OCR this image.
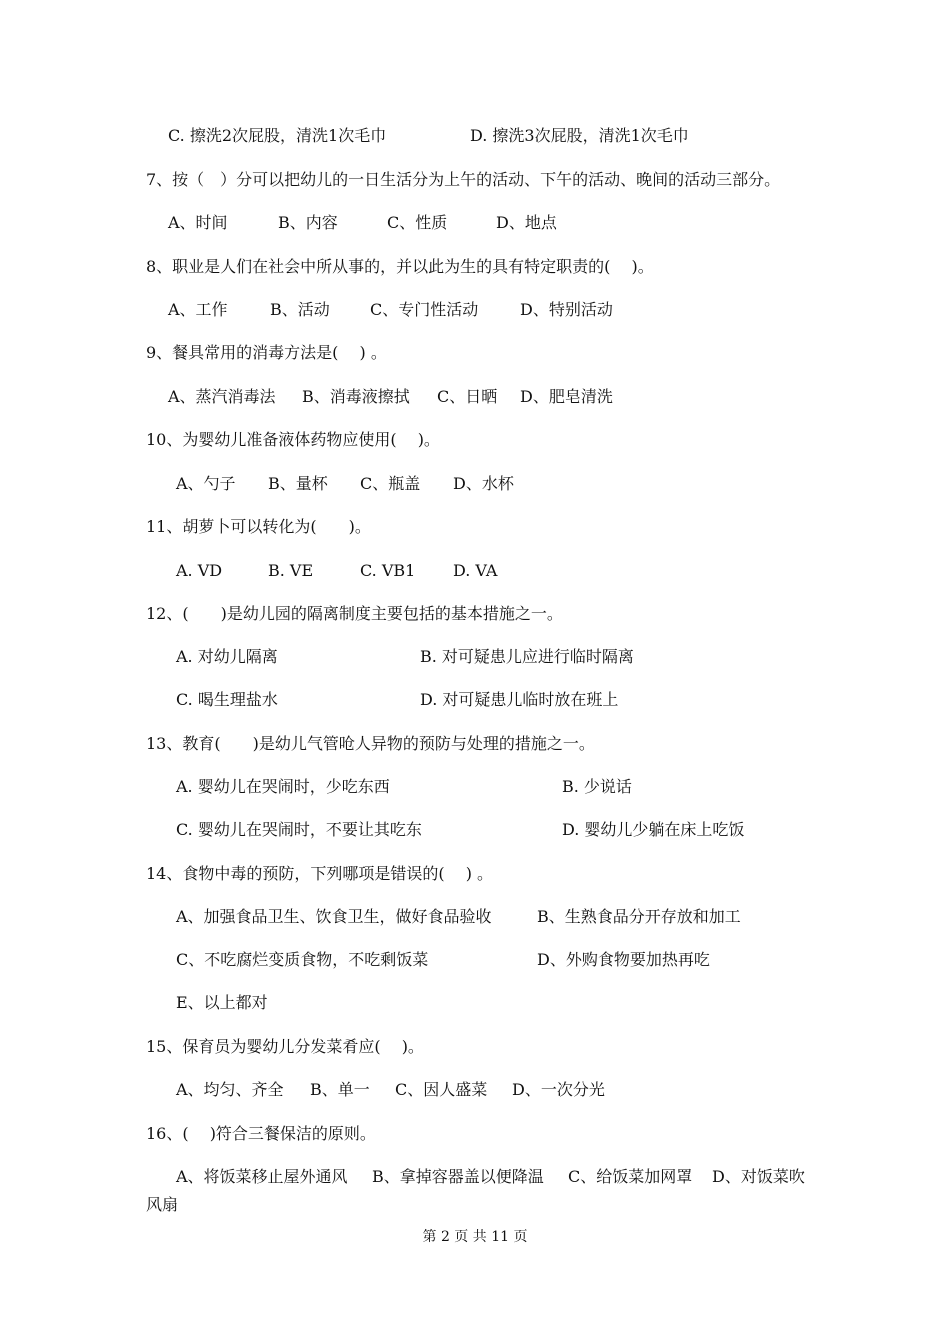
C. 擦洗2次屁股，清洗1次毛巾	D. 擦洗3次屁股，清洗1次毛巾
7、按（　）分可以把幼儿的一日生活分为上午的活动、下午的活动、晚间的活动三部分。
A、时间	B、内容	C、性质	D、地点
8、职业是人们在社会中所从事的，并以此为生的具有特定职责的(　 )。
A、工作	B、活动	C、专门性活动	D、特别活动
9、餐具常用的消毒方法是(　 ) 。
A、蒸汽消毒法 B、消毒液擦拭 C、日晒 D、肥皂清洗
10、为婴幼儿准备液体药物应使用(　 )。
A、勺子 B、量杯 C、瓶盖 D、水杯
11、胡萝卜可以转化为(　　)。
A. VD	B. VE	C. VB1 D. VA
12、(　　)是幼儿园的隔离制度主要包括的基本措施之一。
A. 对幼儿隔离	B. 对可疑患儿应进行临时隔离
C. 喝生理盐水	D. 对可疑患儿临时放在班上
13、教育(　　)是幼儿气管呛人异物的预防与处理的措施之一。
A. 婴幼儿在哭闹时，少吃东西	B. 少说话
C. 婴幼儿在哭闹时，不要让其吃东	D. 婴幼儿少躺在床上吃饭
14、食物中毒的预防，下列哪项是错误的(　 ) 。
A、加强食品卫生、饮食卫生，做好食品验收	B、生熟食品分开存放和加工
C、不吃腐烂变质食物，不吃剩饭菜	D、外购食物要加热再吃
E、以上都对
15、保育员为婴幼儿分发菜肴应(　 )。
A、均匀、齐全 B、单一 C、因人盛菜 D、一次分光
16、(　 )符合三餐保洁的原则。
A、将饭菜移止屋外通风 B、拿掉容器盖以便降温 C、给饭菜加网罩 D、对饭菜吹
风扇
第 2 页 共 11 页
